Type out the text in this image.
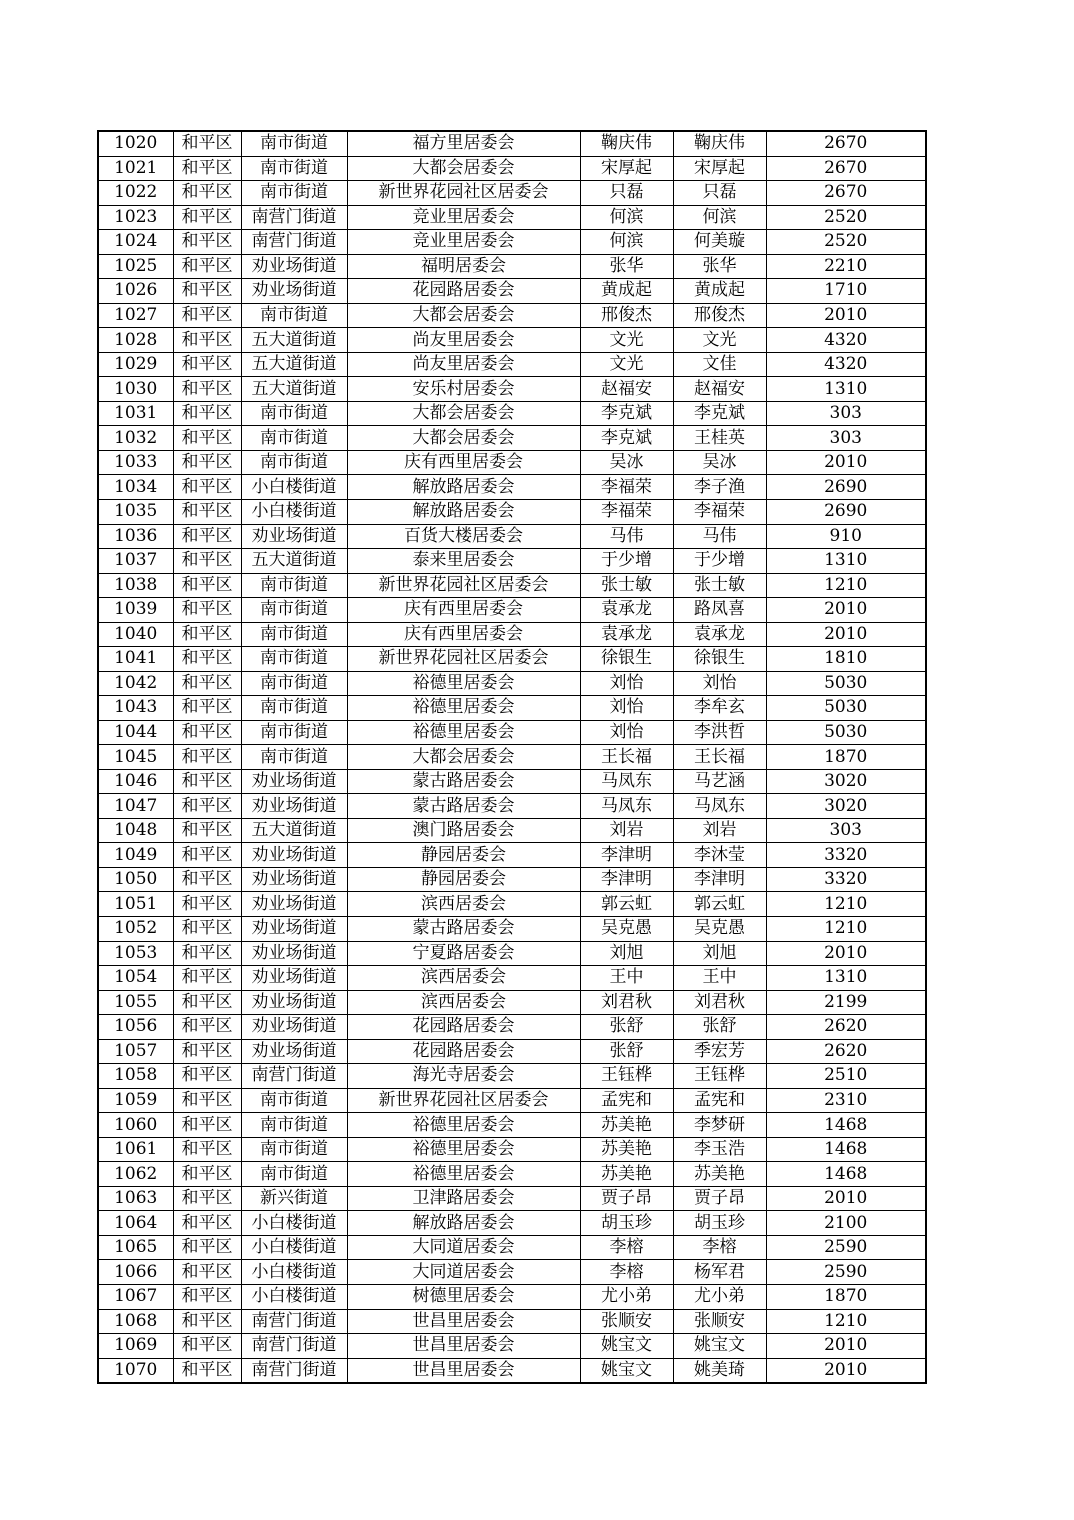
1020	和平区	南市街道	福方里居委会	鞠庆伟	鞠庆伟	2670
1021	和平区	南市街道	大都会居委会	宋厚起	宋厚起	2670
1022	和平区	南市街道	新世界花园社区居委会	只磊	只磊	2670
1023	和平区	南营门街道	竞业里居委会	何滨	何滨	2520
1024	和平区	南营门街道	竞业里居委会	何滨	何美璇	2520
1025	和平区	劝业场街道	福明居委会	张华	张华	2210
1026	和平区	劝业场街道	花园路居委会	黄成起	黄成起	1710
1027	和平区	南市街道	大都会居委会	邢俊杰	邢俊杰	2010
1028	和平区	五大道街道	尚友里居委会	文光	文光	4320
1029	和平区	五大道街道	尚友里居委会	文光	文佳	4320
1030	和平区	五大道街道	安乐村居委会	赵福安	赵福安	1310
1031	和平区	南市街道	大都会居委会	李克斌	李克斌	303
1032	和平区	南市街道	大都会居委会	李克斌	王桂英	303
1033	和平区	南市街道	庆有西里居委会	吴冰	吴冰	2010
1034	和平区	小白楼街道	解放路居委会	李福荣	李子渔	2690
1035	和平区	小白楼街道	解放路居委会	李福荣	李福荣	2690
1036	和平区	劝业场街道	百货大楼居委会	马伟	马伟	910
1037	和平区	五大道街道	泰来里居委会	于少增	于少增	1310
1038	和平区	南市街道	新世界花园社区居委会	张士敏	张士敏	1210
1039	和平区	南市街道	庆有西里居委会	袁承龙	路凤喜	2010
1040	和平区	南市街道	庆有西里居委会	袁承龙	袁承龙	2010
1041	和平区	南市街道	新世界花园社区居委会	徐银生	徐银生	1810
1042	和平区	南市街道	裕德里居委会	刘怡	刘怡	5030
1043	和平区	南市街道	裕德里居委会	刘怡	李牟玄	5030
1044	和平区	南市街道	裕德里居委会	刘怡	李洪哲	5030
1045	和平区	南市街道	大都会居委会	王长福	王长福	1870
1046	和平区	劝业场街道	蒙古路居委会	马凤东	马艺涵	3020
1047	和平区	劝业场街道	蒙古路居委会	马凤东	马凤东	3020
1048	和平区	五大道街道	澳门路居委会	刘岩	刘岩	303
1049	和平区	劝业场街道	静园居委会	李津明	李沐莹	3320
1050	和平区	劝业场街道	静园居委会	李津明	李津明	3320
1051	和平区	劝业场街道	滨西居委会	郭云虹	郭云虹	1210
1052	和平区	劝业场街道	蒙古路居委会	吴克愚	吴克愚	1210
1053	和平区	劝业场街道	宁夏路居委会	刘旭	刘旭	2010
1054	和平区	劝业场街道	滨西居委会	王中	王中	1310
1055	和平区	劝业场街道	滨西居委会	刘君秋	刘君秋	2199
1056	和平区	劝业场街道	花园路居委会	张舒	张舒	2620
1057	和平区	劝业场街道	花园路居委会	张舒	季宏芳	2620
1058	和平区	南营门街道	海光寺居委会	王钰桦	王钰桦	2510
1059	和平区	南市街道	新世界花园社区居委会	孟宪和	孟宪和	2310
1060	和平区	南市街道	裕德里居委会	苏美艳	李梦研	1468
1061	和平区	南市街道	裕德里居委会	苏美艳	李玉浩	1468
1062	和平区	南市街道	裕德里居委会	苏美艳	苏美艳	1468
1063	和平区	新兴街道	卫津路居委会	贾子昂	贾子昂	2010
1064	和平区	小白楼街道	解放路居委会	胡玉珍	胡玉珍	2100
1065	和平区	小白楼街道	大同道居委会	李榕	李榕	2590
1066	和平区	小白楼街道	大同道居委会	李榕	杨军君	2590
1067	和平区	小白楼街道	树德里居委会	尤小弟	尤小弟	1870
1068	和平区	南营门街道	世昌里居委会	张顺安	张顺安	1210
1069	和平区	南营门街道	世昌里居委会	姚宝文	姚宝文	2010
1070	和平区	南营门街道	世昌里居委会	姚宝文	姚美琦	2010
